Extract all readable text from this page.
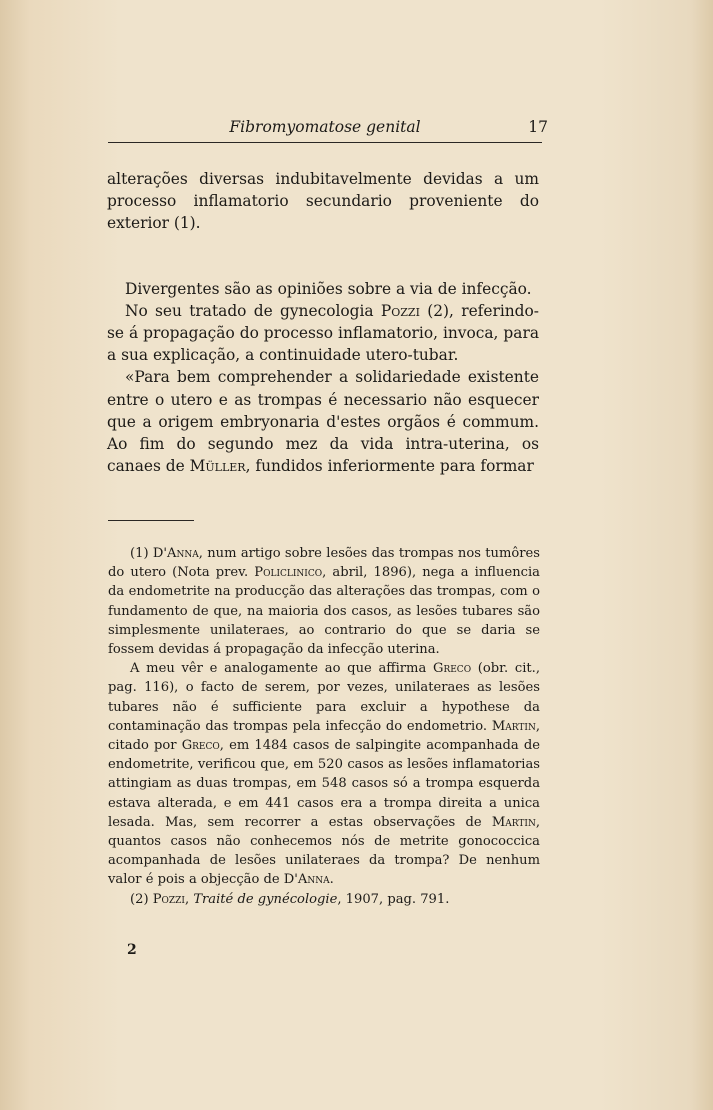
Fibromyomatose genital	17

alterações diversas indubitavelmente devidas a um processo inflamatorio secundario proveniente do exterior (1).

Divergentes são as opiniões sobre a via de infecção.

No seu tratado de gynecologia Pozzi (2), referindo-se á propagação do processo inflamatorio, invoca, para a sua explicação, a continuidade utero-tubar.

«Para bem comprehender a solidariedade existente entre o utero e as trompas é necessario não esquecer que a origem embryonaria d'estes orgãos é commum. Ao fim do segundo mez da vida intra-uterina, os canaes de Müller, fundidos inferiormente para formar

(1) D'Anna, num artigo sobre lesões das trompas nos tumôres do utero (Nota prev. Policlinico, abril, 1896), nega a influencia da endometrite na producção das alterações das trompas, com o fundamento de que, na maioria dos casos, as lesões tubares são simplesmente unilateraes, ao contrario do que se daria se fossem devidas á propagação da infecção uterina.

A meu vêr e analogamente ao que affirma Greco (obr. cit., pag. 116), o facto de serem, por vezes, unilateraes as lesões tubares não é sufficiente para excluir a hypothese da contaminação das trompas pela infecção do endometrio. Martin, citado por Greco, em 1484 casos de salpingite acompanhada de endometrite, verificou que, em 520 casos as lesões inflamatorias attingiam as duas trompas, em 548 casos só a trompa esquerda estava alterada, e em 441 casos era a trompa direita a unica lesada. Mas, sem recorrer a estas observações de Martin, quantos casos não conhecemos nós de metrite gonococcica acompanhada de lesões unilateraes da trompa? De nenhum valor é pois a objecção de D'Anna.

(2) Pozzi, Traité de gynécologie, 1907, pag. 791.

2
